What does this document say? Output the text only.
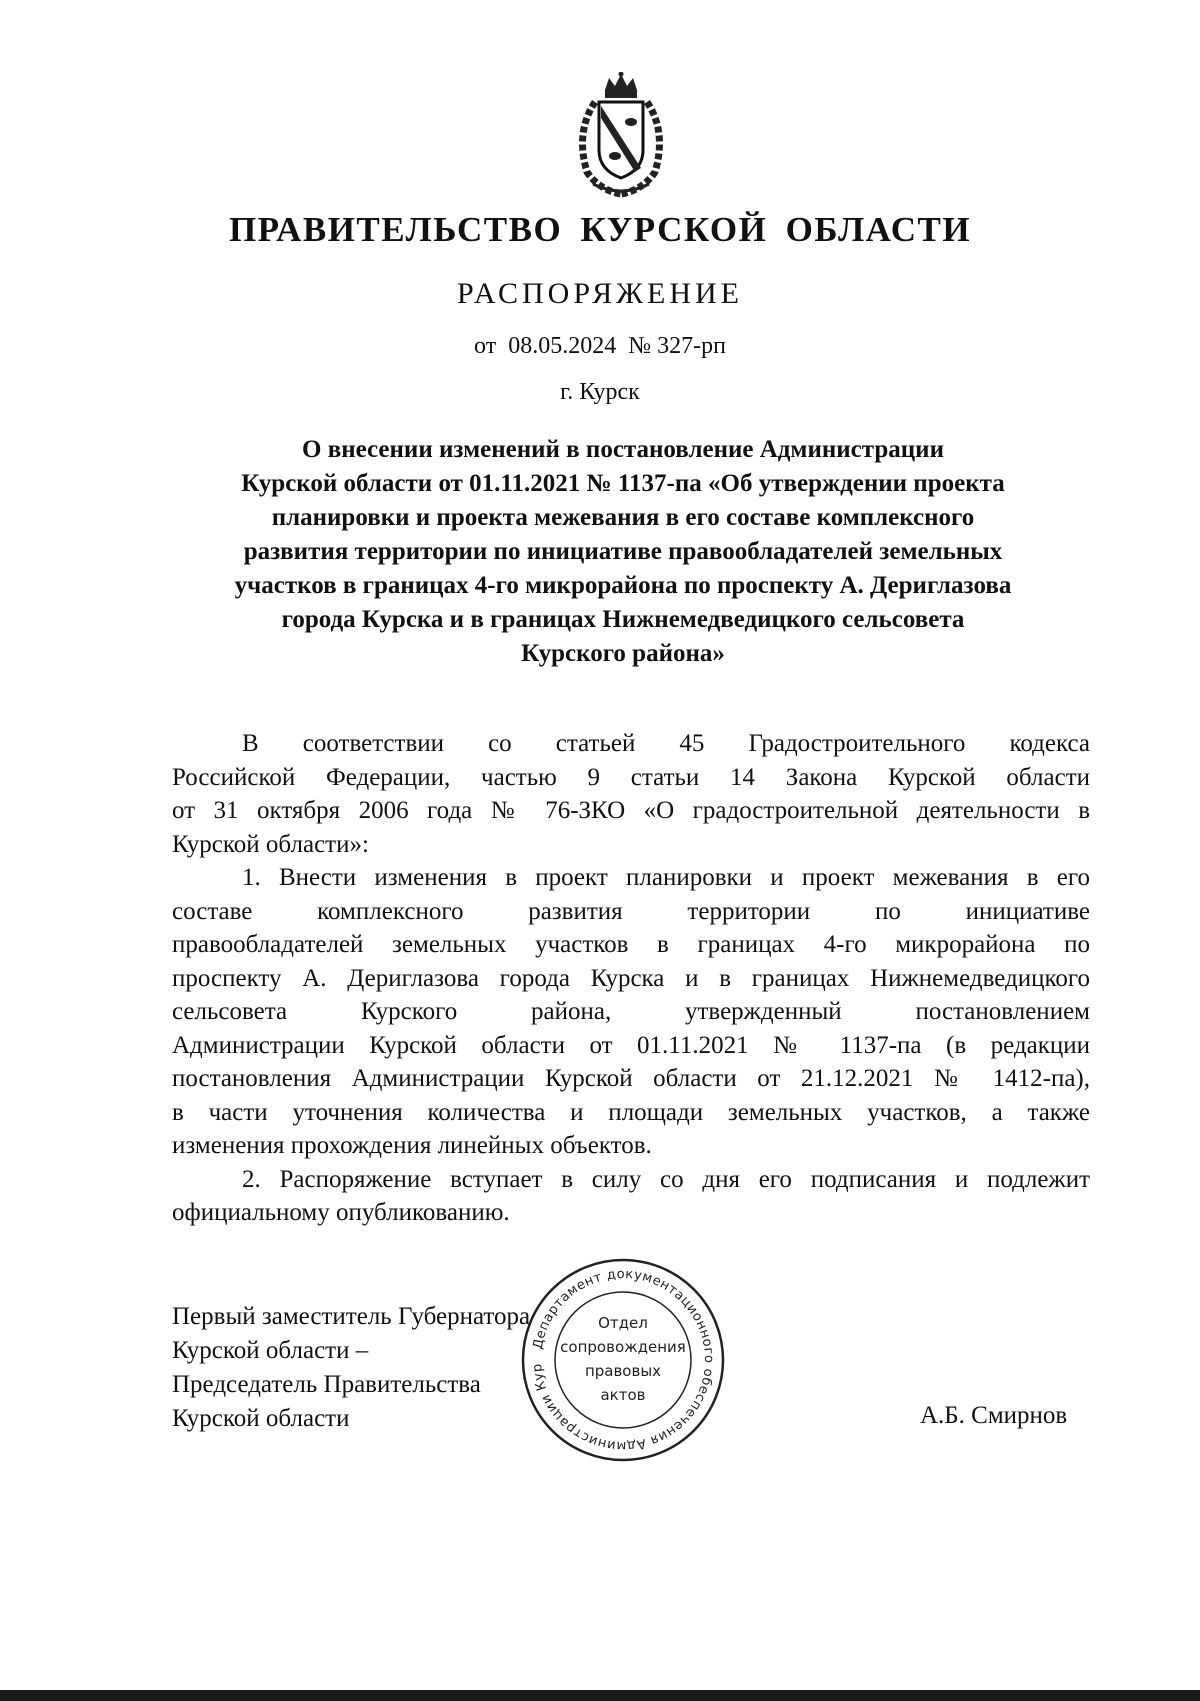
ПРАВИТЕЛЬСТВО КУРСКОЙ ОБЛАСТИ
РАСПОРЯЖЕНИЕ
от 08.05.2024 № 327-рп
г. Курск
О внесении изменений в постановление Администрации
Курской области от 01.11.2021 № 1137-па «Об утверждении проекта
планировки и проекта межевания в его составе комплексного
развития территории по инициативе правообладателей земельных
участков в границах 4-го микрорайона по проспекту А. Дериглазова
города Курска и в границах Нижнемедведицкого сельсовета
Курского района»
В соответствии со статьей 45 Градостроительного кодекса
Российской Федерации, частью 9 статьи 14 Закона Курской области
от 31 октября 2006 года № 76-ЗКО «О градостроительной деятельности в
Курской области»:
1. Внести изменения в проект планировки и проект межевания в его
составе комплексного развития территории по инициативе
правообладателей земельных участков в границах 4-го микрорайона по
проспекту А. Дериглазова города Курска и в границах Нижнемедведицкого
сельсовета Курского района, утвержденный постановлением
Администрации Курской области от 01.11.2021 № 1137-па (в редакции
постановления Администрации Курской области от 21.12.2021 № 1412-па),
в части уточнения количества и площади земельных участков, а также
изменения прохождения линейных объектов.
2. Распоряжение вступает в силу со дня его подписания и подлежит
официальному опубликованию.
Первый заместитель Губернатора
Курской области –
Председатель Правительства
Курской области
Департамент документационного обеспечения Администрации Кур
Отдел
сопровождения
правовых
актов
А.Б. Смирнов
